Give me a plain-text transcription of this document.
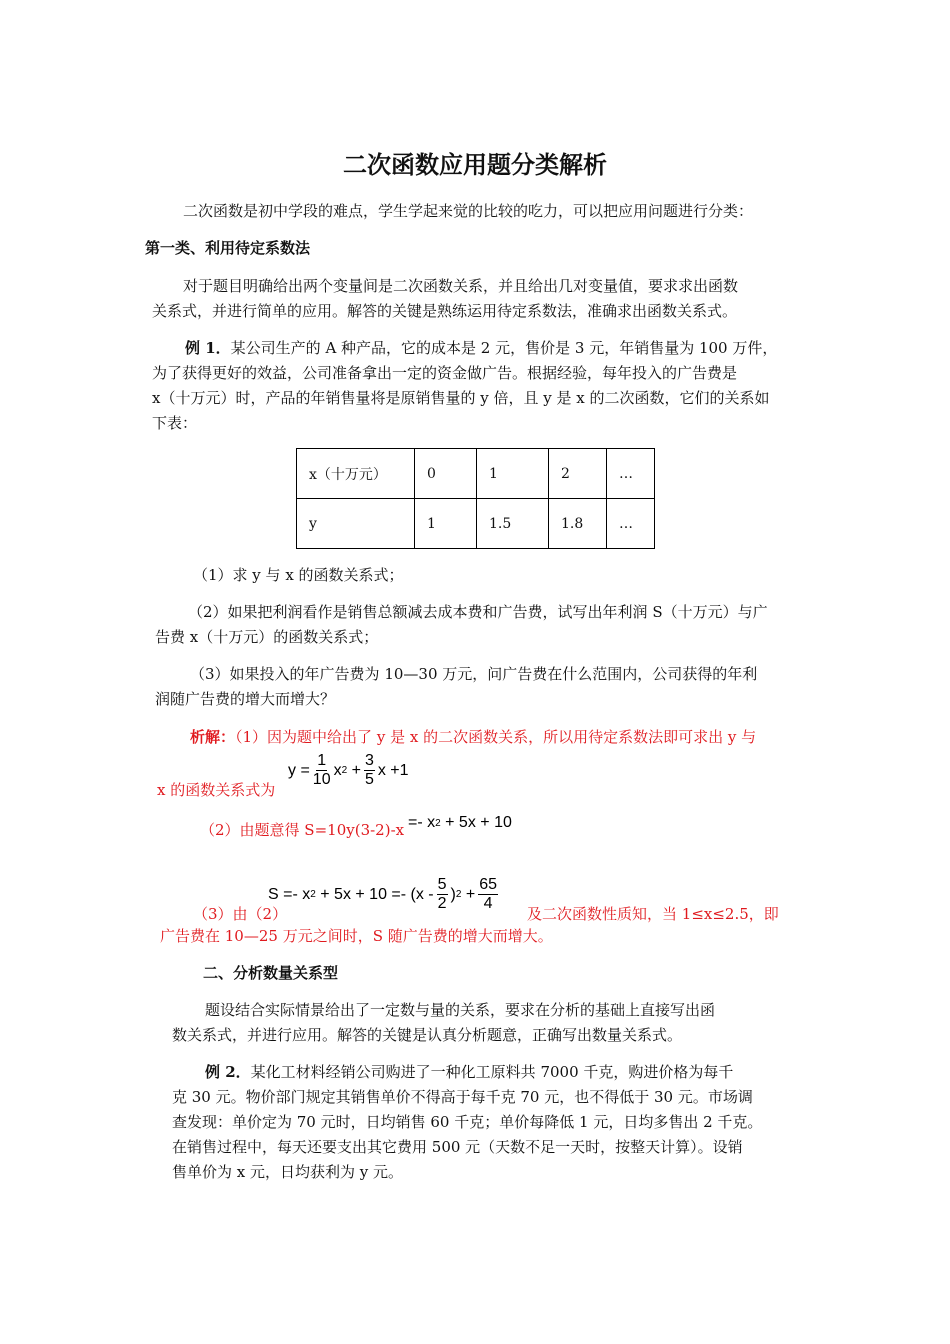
二次函数应用题分类解析
二次函数是初中学段的难点，学生学起来觉的比较的吃力，可以把应用问题进行分类：
第一类、利用待定系数法
对于题目明确给出两个变量间是二次函数关系，并且给出几对变量值，要求求出函数
关系式，并进行简单的应用。解答的关键是熟练运用待定系数法，准确求出函数关系式。
例 1．某公司生产的 A 种产品，它的成本是 2 元，售价是 3 元，年销售量为 100 万件，
为了获得更好的效益，公司准备拿出一定的资金做广告。根据经验，每年投入的广告费是
x（十万元）时，产品的年销售量将是原销售量的 y 倍，且 y 是 x 的二次函数，它们的关系如
下表：
x（十万元）	0	1	2	…
y	1	1.5	1.8	…
（1）求 y 与 x 的函数关系式；
（2）如果把利润看作是销售总额减去成本费和广告费，试写出年利润 S（十万元）与广
告费 x（十万元）的函数关系式；
（3）如果投入的年广告费为 10—30 万元，问广告费在什么范围内，公司获得的年利
润随广告费的增大而增大？
析解：（1）因为题中给出了 y 是 x 的二次函数关系，所以用待定系数法即可求出 y 与
$y = \frac{1}{10}$ x 2
+ $\frac{3}{5}$ x +1
x 的函数关系式为
（2）由题意得 S=10y(3-2)-x =- x 2
+ 5x + 10
S =- x 2
+ $5x + 10 =- (x - \frac{5}{2}$ ) 2
+ $\frac{65}{4}$
（3）由（2）	及二次函数性质知，当 1≤x≤2.5，即
广告费在 10—25 万元之间时，S 随广告费的增大而增大。
二、分析数量关系型
题设结合实际情景给出了一定数与量的关系，要求在分析的基础上直接写出函
数关系式，并进行应用。解答的关键是认真分析题意，正确写出数量关系式。
例 2．某化工材料经销公司购进了一种化工原料共 7000 千克，购进价格为每千
克 30 元。物价部门规定其销售单价不得高于每千克 70 元，也不得低于 30 元。市场调
查发现：单价定为 70 元时，日均销售 60 千克；单价每降低 1 元，日均多售出 2 千克。
在销售过程中，每天还要支出其它费用 500 元（天数不足一天时，按整天计算）。设销
售单价为 x 元，日均获利为 y 元。
